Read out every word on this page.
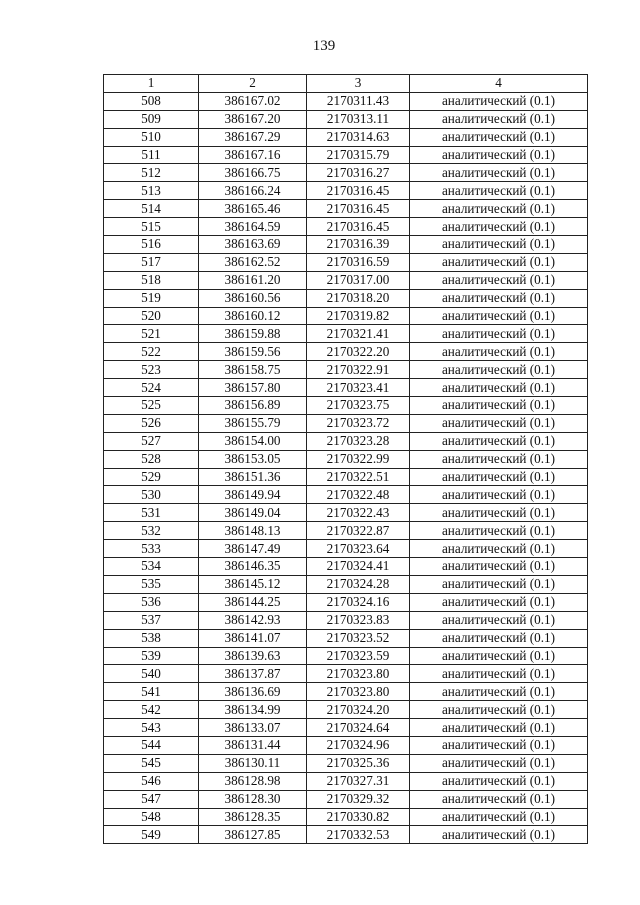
139
1	2	3	4
508	386167.02	2170311.43	аналитический (0.1)
509	386167.20	2170313.11	аналитический (0.1)
510	386167.29	2170314.63	аналитический (0.1)
511	386167.16	2170315.79	аналитический (0.1)
512	386166.75	2170316.27	аналитический (0.1)
513	386166.24	2170316.45	аналитический (0.1)
514	386165.46	2170316.45	аналитический (0.1)
515	386164.59	2170316.45	аналитический (0.1)
516	386163.69	2170316.39	аналитический (0.1)
517	386162.52	2170316.59	аналитический (0.1)
518	386161.20	2170317.00	аналитический (0.1)
519	386160.56	2170318.20	аналитический (0.1)
520	386160.12	2170319.82	аналитический (0.1)
521	386159.88	2170321.41	аналитический (0.1)
522	386159.56	2170322.20	аналитический (0.1)
523	386158.75	2170322.91	аналитический (0.1)
524	386157.80	2170323.41	аналитический (0.1)
525	386156.89	2170323.75	аналитический (0.1)
526	386155.79	2170323.72	аналитический (0.1)
527	386154.00	2170323.28	аналитический (0.1)
528	386153.05	2170322.99	аналитический (0.1)
529	386151.36	2170322.51	аналитический (0.1)
530	386149.94	2170322.48	аналитический (0.1)
531	386149.04	2170322.43	аналитический (0.1)
532	386148.13	2170322.87	аналитический (0.1)
533	386147.49	2170323.64	аналитический (0.1)
534	386146.35	2170324.41	аналитический (0.1)
535	386145.12	2170324.28	аналитический (0.1)
536	386144.25	2170324.16	аналитический (0.1)
537	386142.93	2170323.83	аналитический (0.1)
538	386141.07	2170323.52	аналитический (0.1)
539	386139.63	2170323.59	аналитический (0.1)
540	386137.87	2170323.80	аналитический (0.1)
541	386136.69	2170323.80	аналитический (0.1)
542	386134.99	2170324.20	аналитический (0.1)
543	386133.07	2170324.64	аналитический (0.1)
544	386131.44	2170324.96	аналитический (0.1)
545	386130.11	2170325.36	аналитический (0.1)
546	386128.98	2170327.31	аналитический (0.1)
547	386128.30	2170329.32	аналитический (0.1)
548	386128.35	2170330.82	аналитический (0.1)
549	386127.85	2170332.53	аналитический (0.1)
